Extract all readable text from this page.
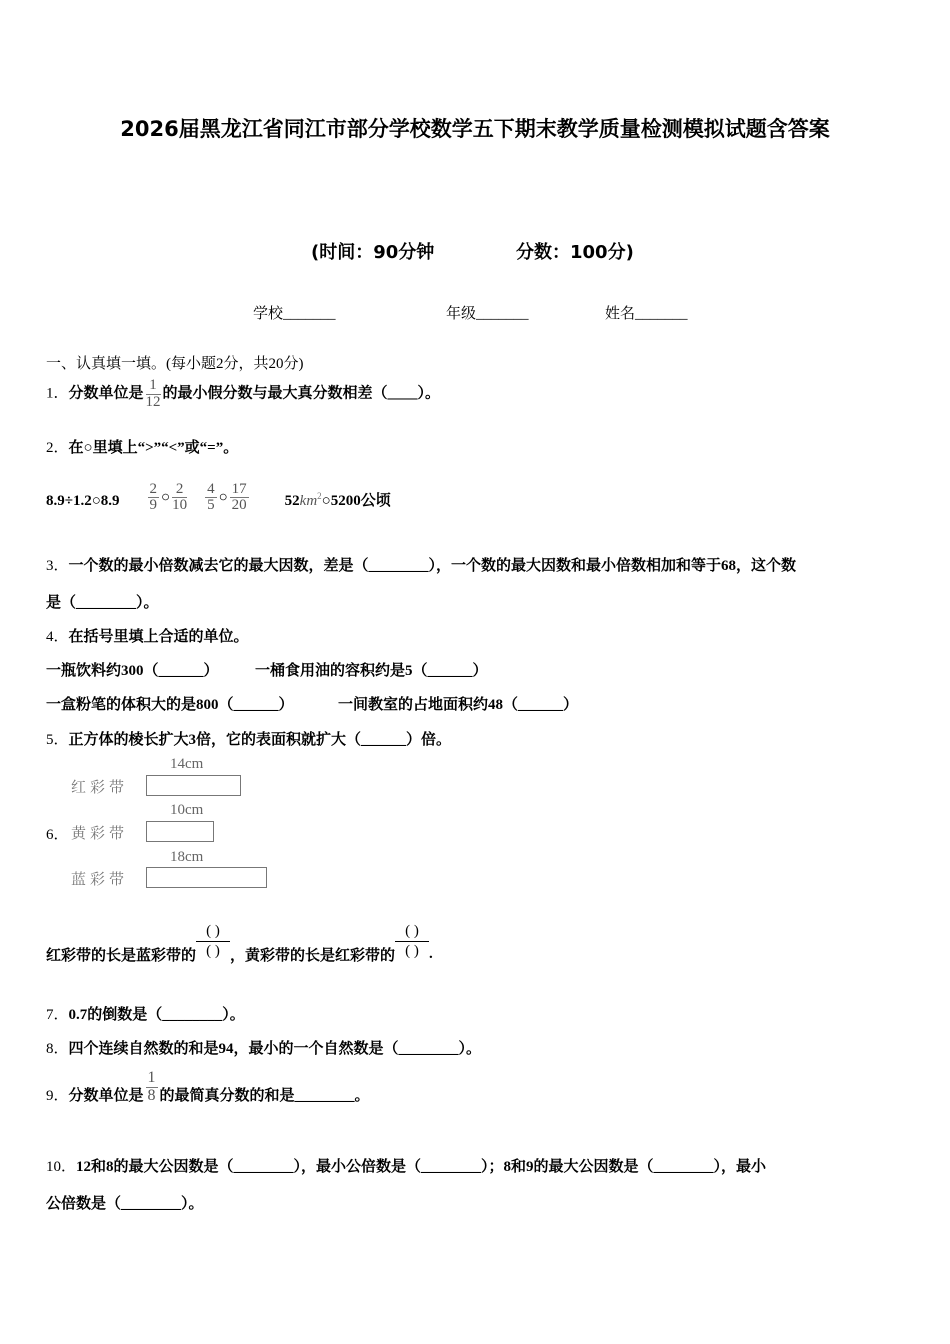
2026届黑龙江省同江市部分学校数学五下期末教学质量检测模拟试题含答案
(时间：90分钟	分数：100分)
学校_______	年级_______	姓名_______
一、认真填一填。(每小题2分，共20分)
1．分数单位是 $\frac{1}{12}$ 的最小假分数与最大真分数相差（____）。
2．在○里填上“>”“<”或“=”。
8.9÷1.2○8.9 $\frac{2}{9}$ ○ $\frac{2}{10} \frac{4}{5}$ ○ $\frac{17}{20}$ $52km^2○5200$公顷
3．一个数的最小倍数减去它的最大因数，差是（________），一个数的最大因数和最小倍数相加和等于68，这个数
是（________）。
4．在括号里填上合适的单位。
一瓶饮料约300（______） 一桶食用油的容积约是5（______）
一盒粉笔的体积大的是800（______）	一间教室的占地面积约48（______）
5．正方体的棱长扩大3倍，它的表面积就扩大（______）倍。
14cm
红彩带
10cm
6． 黄彩带
18cm
蓝彩带
红彩带的长是蓝彩带的
( )
( ) ，黄彩带的长是红彩带的
( )
( ) .
7．0.7的倒数是（________）。
8．四个连续自然数的和是94，最小的一个自然数是（________）。
9． 分数单位是 $\frac{1}{8}$ 的最简真分数的和是________。
10．12和8的最大公因数是（________），最小公倍数是（________）；8和9的最大公因数是（________），最小
公倍数是（________）。
